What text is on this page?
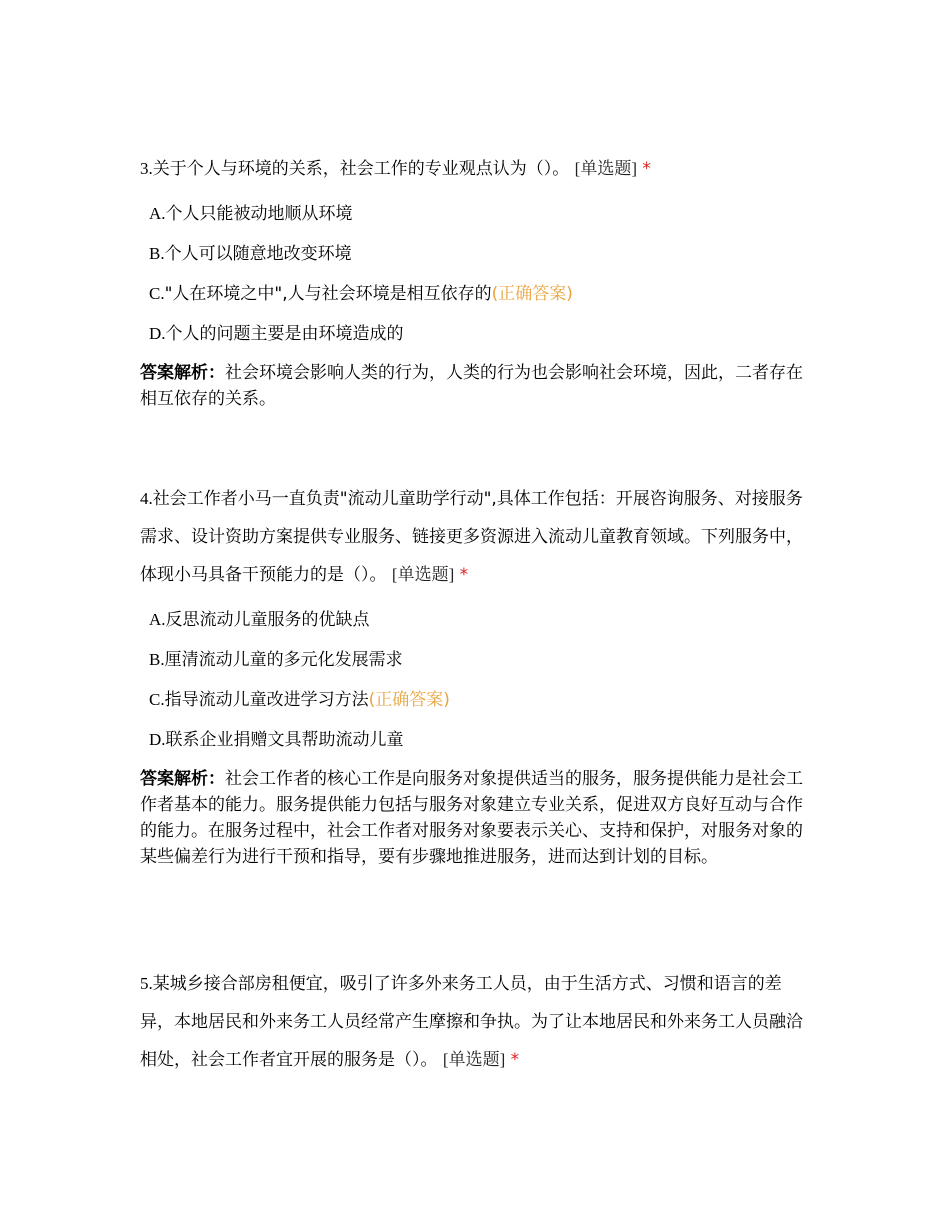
3.关于个人与环境的关系，社会工作的专业观点认为（）。 [单选题] *

A.个人只能被动地顺从环境
B.个人可以随意地改变环境
C."人在环境之中",人与社会环境是相互依存的(正确答案)
D.个人的问题主要是由环境造成的
答案解析：社会环境会影响人类的行为，人类的行为也会影响社会环境，因此，二者存在相互依存的关系。

4.社会工作者小马一直负责"流动儿童助学行动",具体工作包括：开展咨询服务、对接服务需求、设计资助方案提供专业服务、链接更多资源进入流动儿童教育领域。下列服务中，体现小马具备干预能力的是（）。 [单选题] *

A.反思流动儿童服务的优缺点
B.厘清流动儿童的多元化发展需求
C.指导流动儿童改进学习方法(正确答案)
D.联系企业捐赠文具帮助流动儿童
答案解析：社会工作者的核心工作是向服务对象提供适当的服务，服务提供能力是社会工作者基本的能力。服务提供能力包括与服务对象建立专业关系，促进双方良好互动与合作的能力。在服务过程中，社会工作者对服务对象要表示关心、支持和保护，对服务对象的某些偏差行为进行干预和指导，要有步骤地推进服务，进而达到计划的目标。

5.某城乡接合部房租便宜，吸引了许多外来务工人员，由于生活方式、习惯和语言的差异，本地居民和外来务工人员经常产生摩擦和争执。为了让本地居民和外来务工人员融洽相处，社会工作者宜开展的服务是（）。 [单选题] *
